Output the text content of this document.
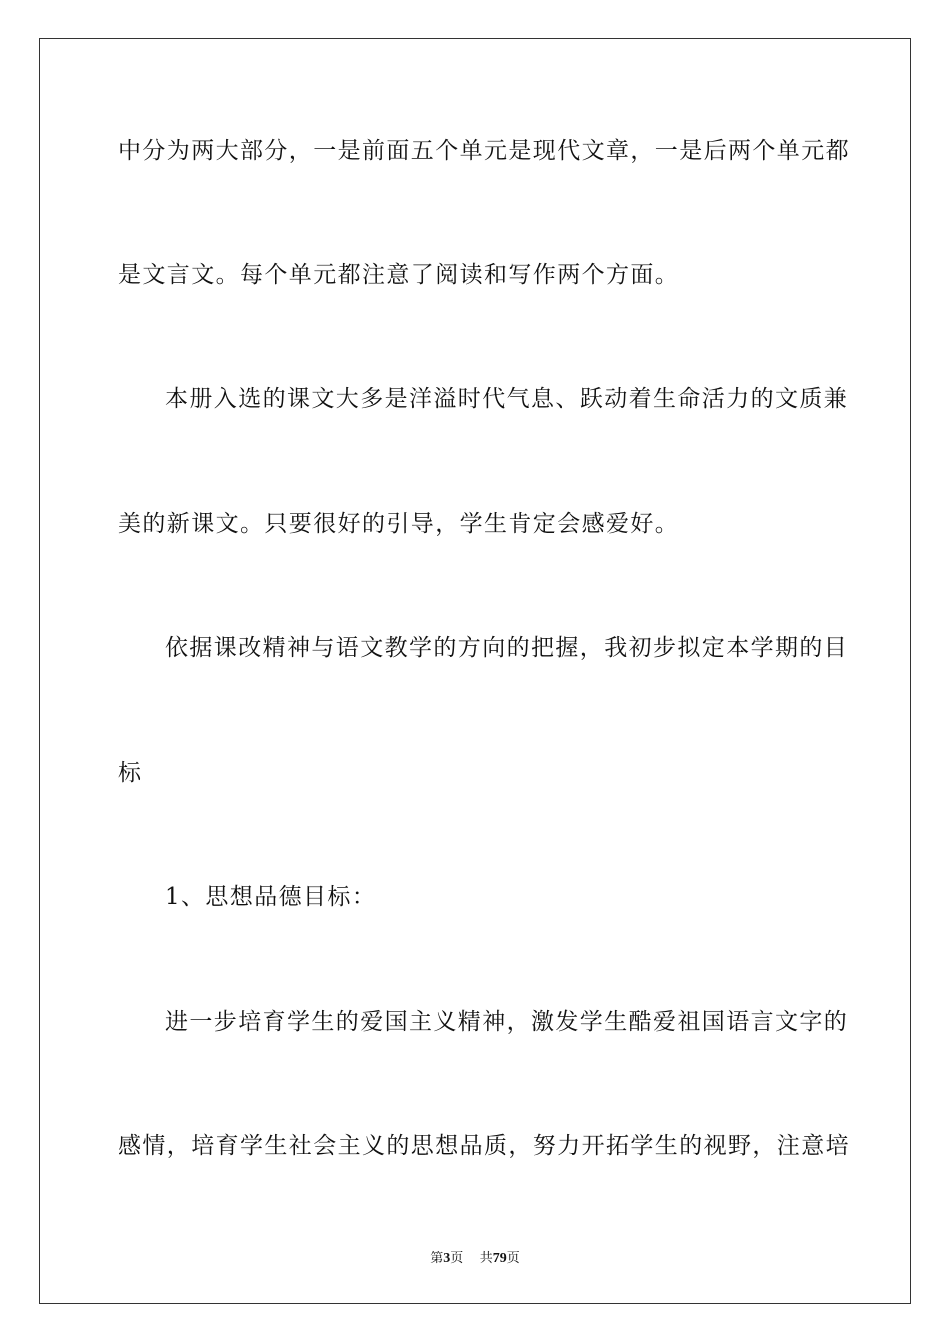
中分为两大部分，一是前面五个单元是现代文章，一是后两个单元都
是文言文。每个单元都注意了阅读和写作两个方面。
本册入选的课文大多是洋溢时代气息、跃动着生命活力的文质兼
美的新课文。只要很好的引导，学生肯定会感爱好。
依据课改精神与语文教学的方向的把握，我初步拟定本学期的目
标
1、思想品德目标：
进一步培育学生的爱国主义精神，激发学生酷爱祖国语言文字的
感情，培育学生社会主义的思想品质，努力开拓学生的视野，注意培
第3页 共79页
